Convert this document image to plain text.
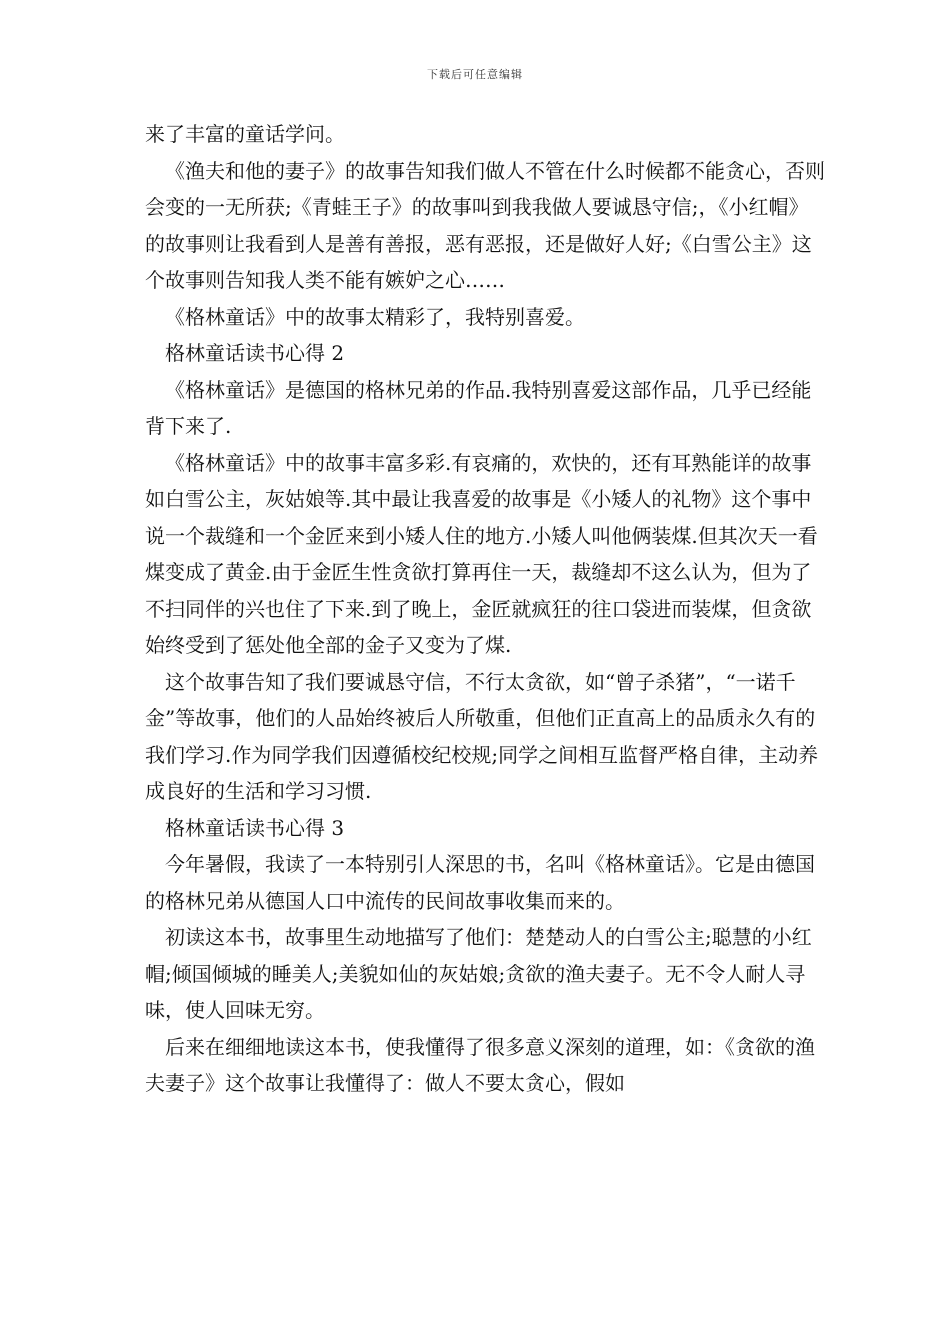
下载后可任意编辑

来了丰富的童话学问。

《渔夫和他的妻子》的故事告知我们做人不管在什么时候都不能贪心，否则会变的一无所获;《青蛙王子》的故事叫到我我做人要诚恳守信;，《小红帽》的故事则让我看到人是善有善报，恶有恶报，还是做好人好;《白雪公主》这个故事则告知我人类不能有嫉妒之心……

《格林童话》中的故事太精彩了，我特别喜爱。

格林童话读书心得 2

《格林童话》是德国的格林兄弟的作品.我特别喜爱这部作品，几乎已经能背下来了.

《格林童话》中的故事丰富多彩.有哀痛的，欢快的，还有耳熟能详的故事如白雪公主，灰姑娘等.其中最让我喜爱的故事是《小矮人的礼物》这个事中说一个裁缝和一个金匠来到小矮人住的地方.小矮人叫他俩装煤.但其次天一看煤变成了黄金.由于金匠生性贪欲打算再住一天，裁缝却不这么认为，但为了不扫同伴的兴也住了下来.到了晚上，金匠就疯狂的往口袋进而装煤，但贪欲始终受到了惩处他全部的金子又变为了煤.

这个故事告知了我们要诚恳守信，不行太贪欲，如“曾子杀猪”，“一诺千金”等故事，他们的人品始终被后人所敬重，但他们正直高上的品质永久有的我们学习.作为同学我们因遵循校纪校规;同学之间相互监督严格自律，主动养成良好的生活和学习习惯.

格林童话读书心得 3

今年暑假，我读了一本特别引人深思的书，名叫《格林童话》。它是由德国的格林兄弟从德国人口中流传的民间故事收集而来的。

初读这本书，故事里生动地描写了他们：楚楚动人的白雪公主;聪慧的小红帽;倾国倾城的睡美人;美貌如仙的灰姑娘;贪欲的渔夫妻子。无不令人耐人寻味，使人回味无穷。

后来在细细地读这本书，使我懂得了很多意义深刻的道理，如：《贪欲的渔夫妻子》这个故事让我懂得了：做人不要太贪心，假如
